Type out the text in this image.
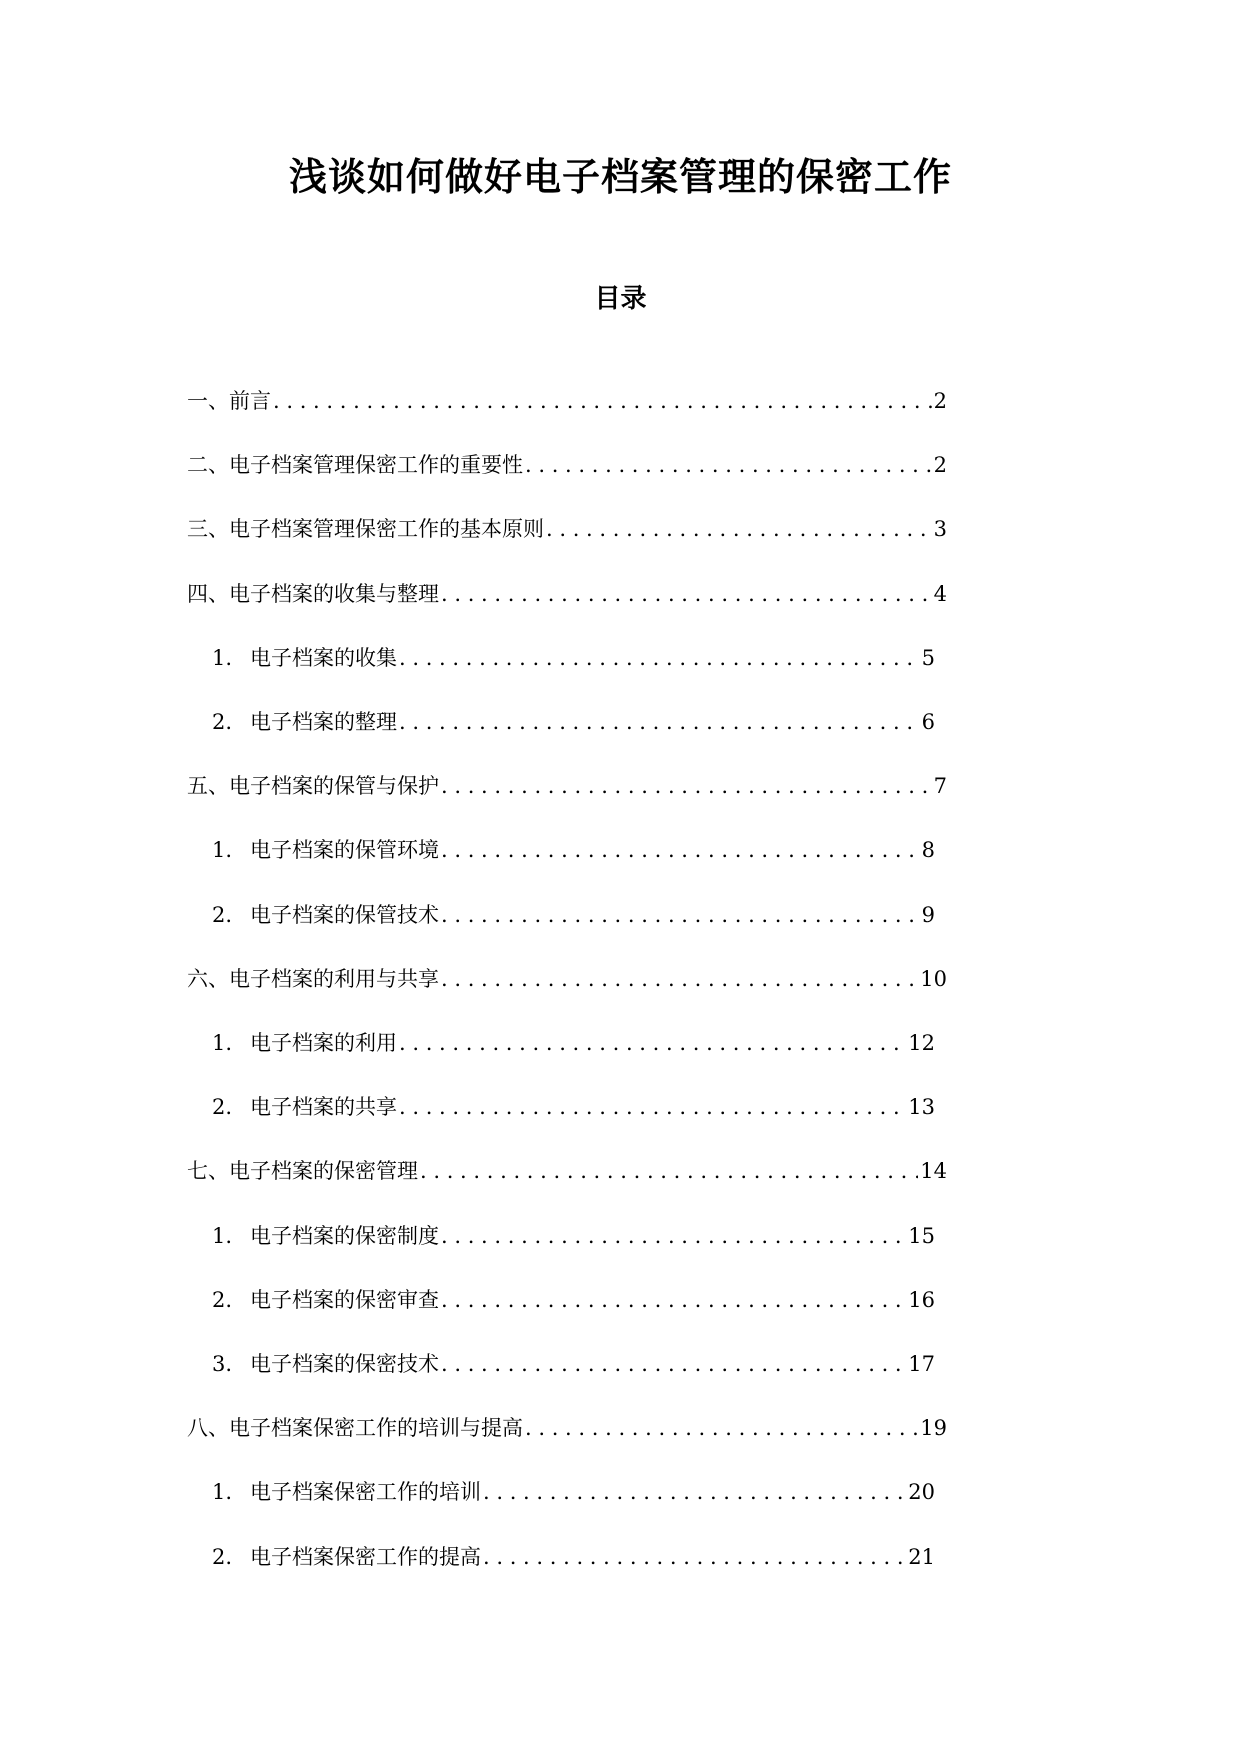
浅谈如何做好电子档案管理的保密工作
目录
一、前言 . . .	2
二、电子档案管理保密工作的重要性 . . .	2
三、电子档案管理保密工作的基本原则 . . .	3
四、电子档案的收集与整理 . . .	4
1. 电子档案的收集 . . .	5
2. 电子档案的整理 . . .	6
五、电子档案的保管与保护 . . .	7
1. 电子档案的保管环境 . . .	8
2. 电子档案的保管技术 . . .	9
六、电子档案的利用与共享 . . .	10
1. 电子档案的利用 . . .	12
2. 电子档案的共享 . . .	13
七、电子档案的保密管理 . . .	14
1. 电子档案的保密制度 . . .	15
2. 电子档案的保密审查 . . .	16
3. 电子档案的保密技术 . . .	17
八、电子档案保密工作的培训与提高 . . .	19
1. 电子档案保密工作的培训 . . .	20
2. 电子档案保密工作的提高 . . .	21
